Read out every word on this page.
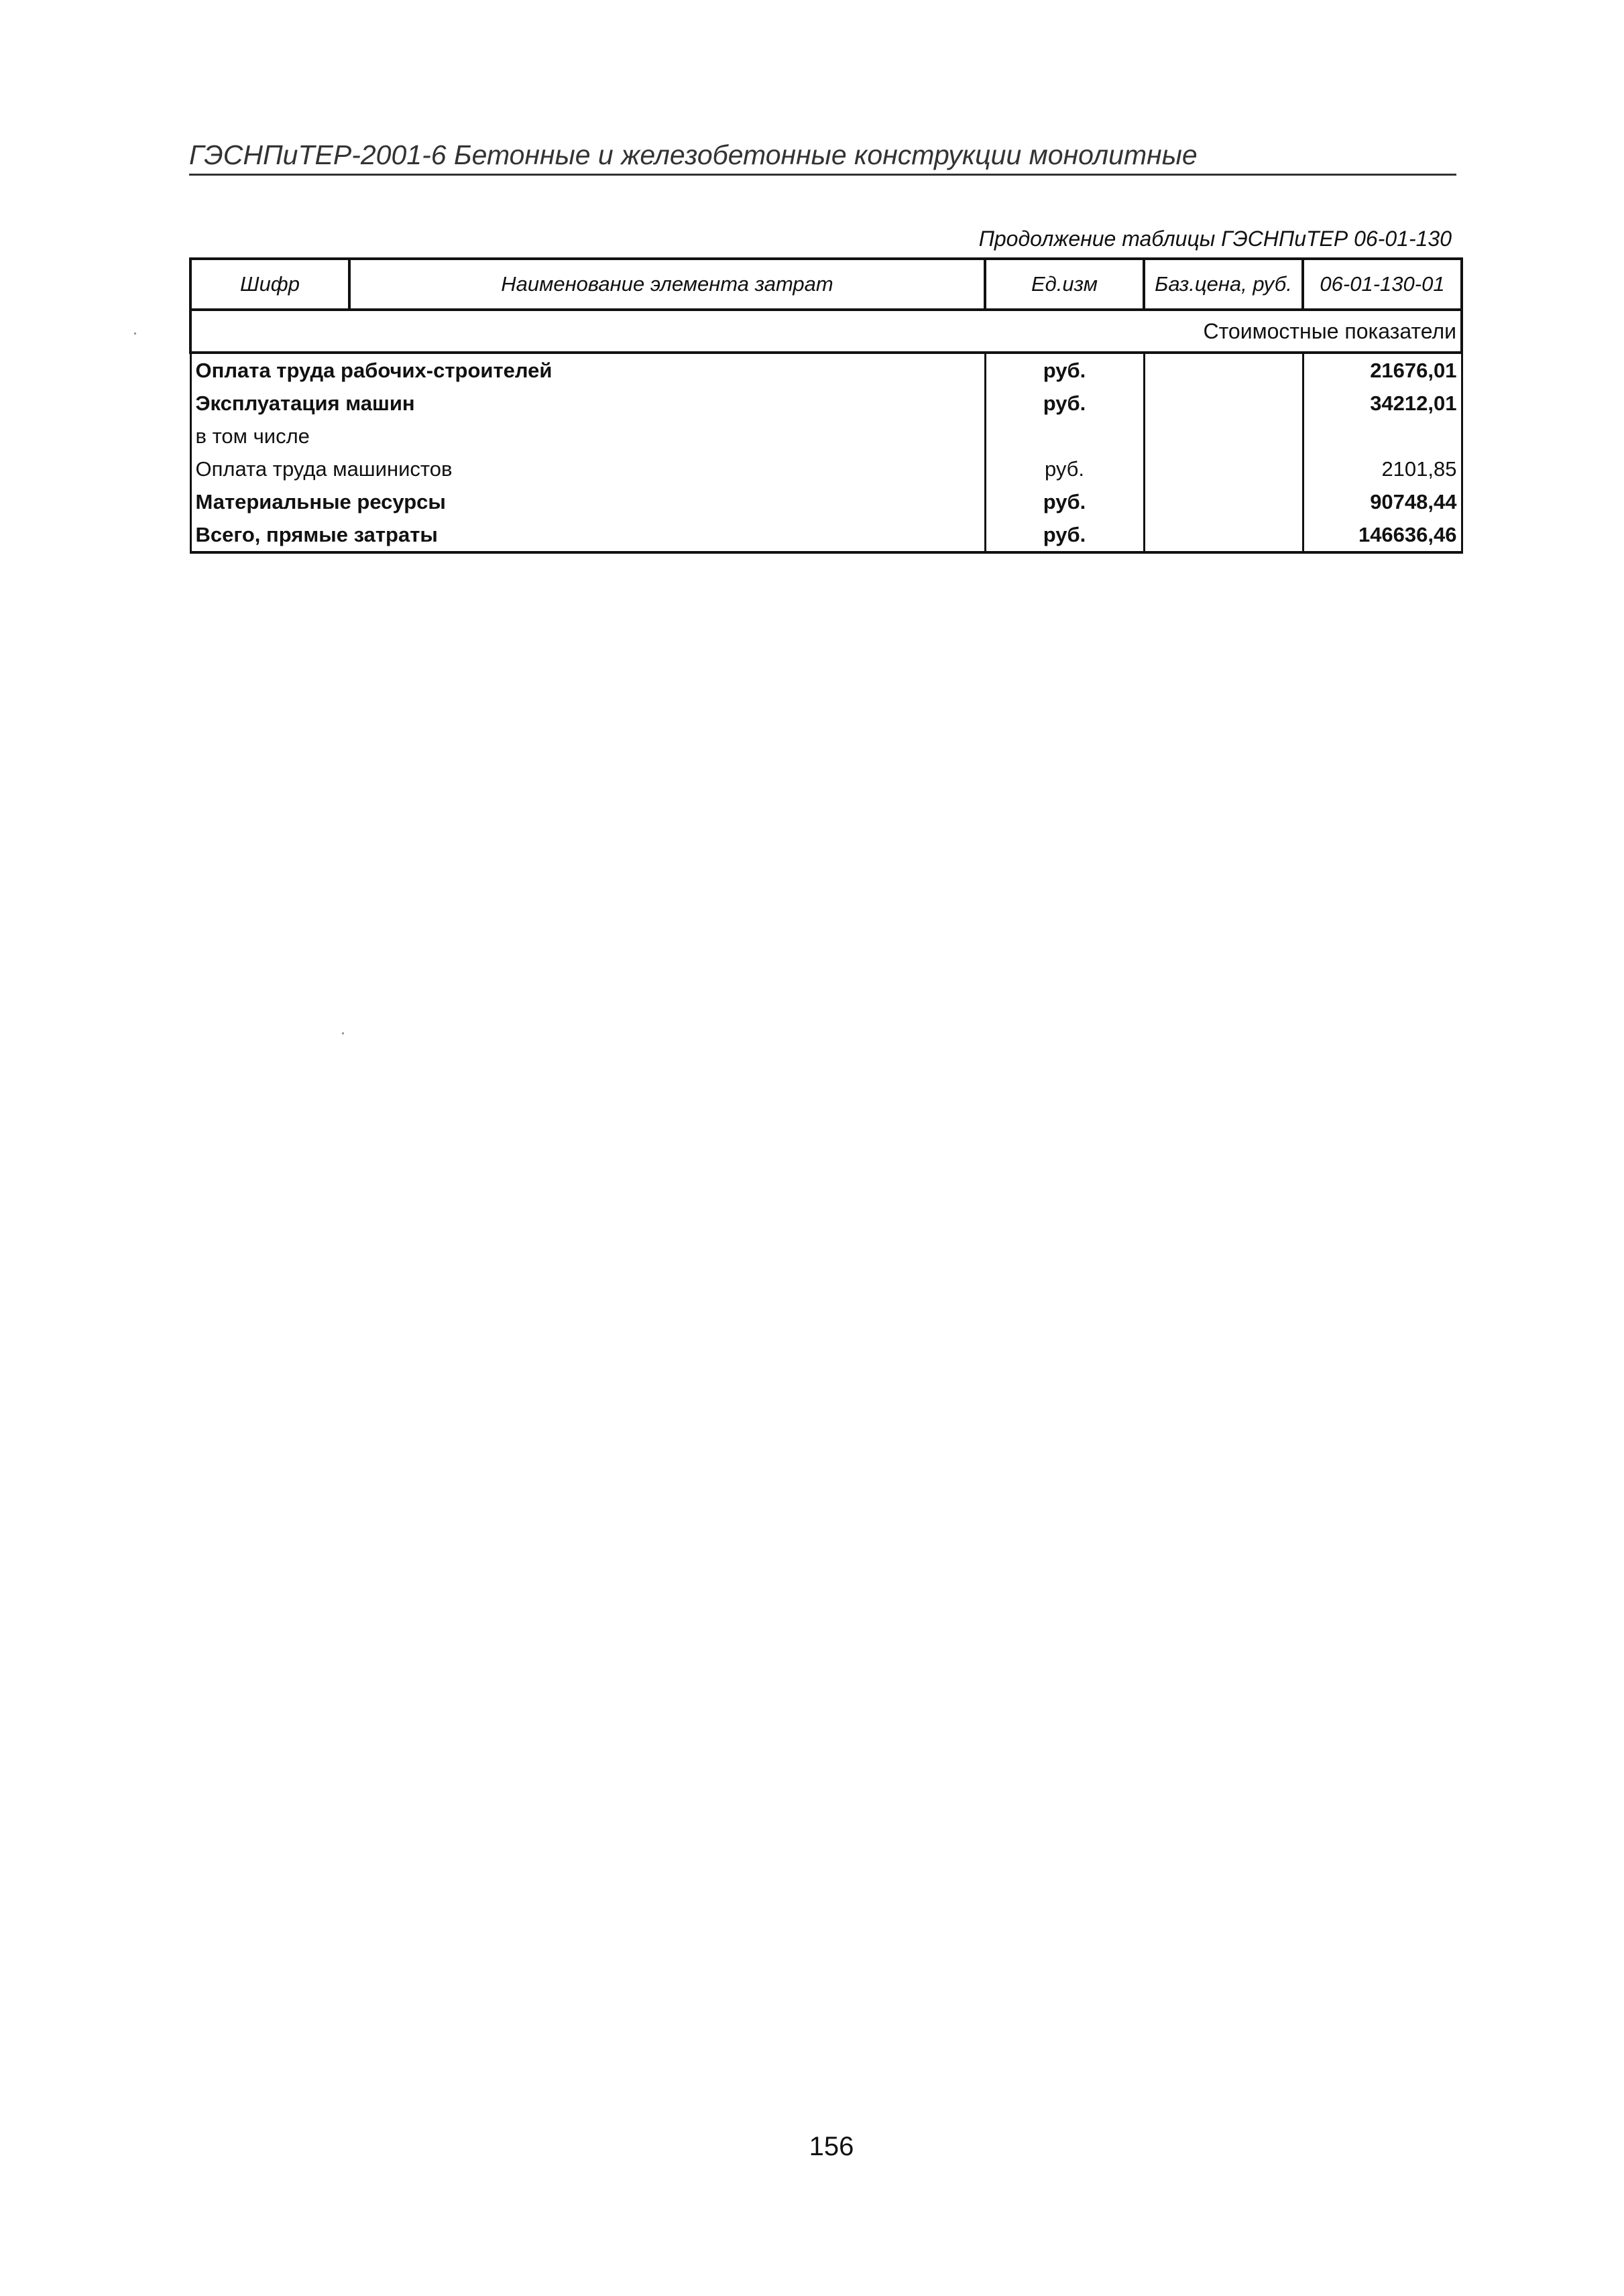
ГЭСНПиТЕР-2001-6 Бетонные и железобетонные конструкции монолитные
Продолжение таблицы ГЭСНПиТЕР 06-01-130
Шифр	Наименование элемента затрат	Ед.изм	Баз.цена, руб.	06-01-130-01
Стоимостные показатели				
Оплата труда рабочих-строителей		руб.		21676,01
Эксплуатация машин		руб.		34212,01
в том числе				
Оплата труда машинистов		руб.		2101,85
Материальные ресурсы		руб.		90748,44
Всего, прямые затраты		руб.		146636,46
156
